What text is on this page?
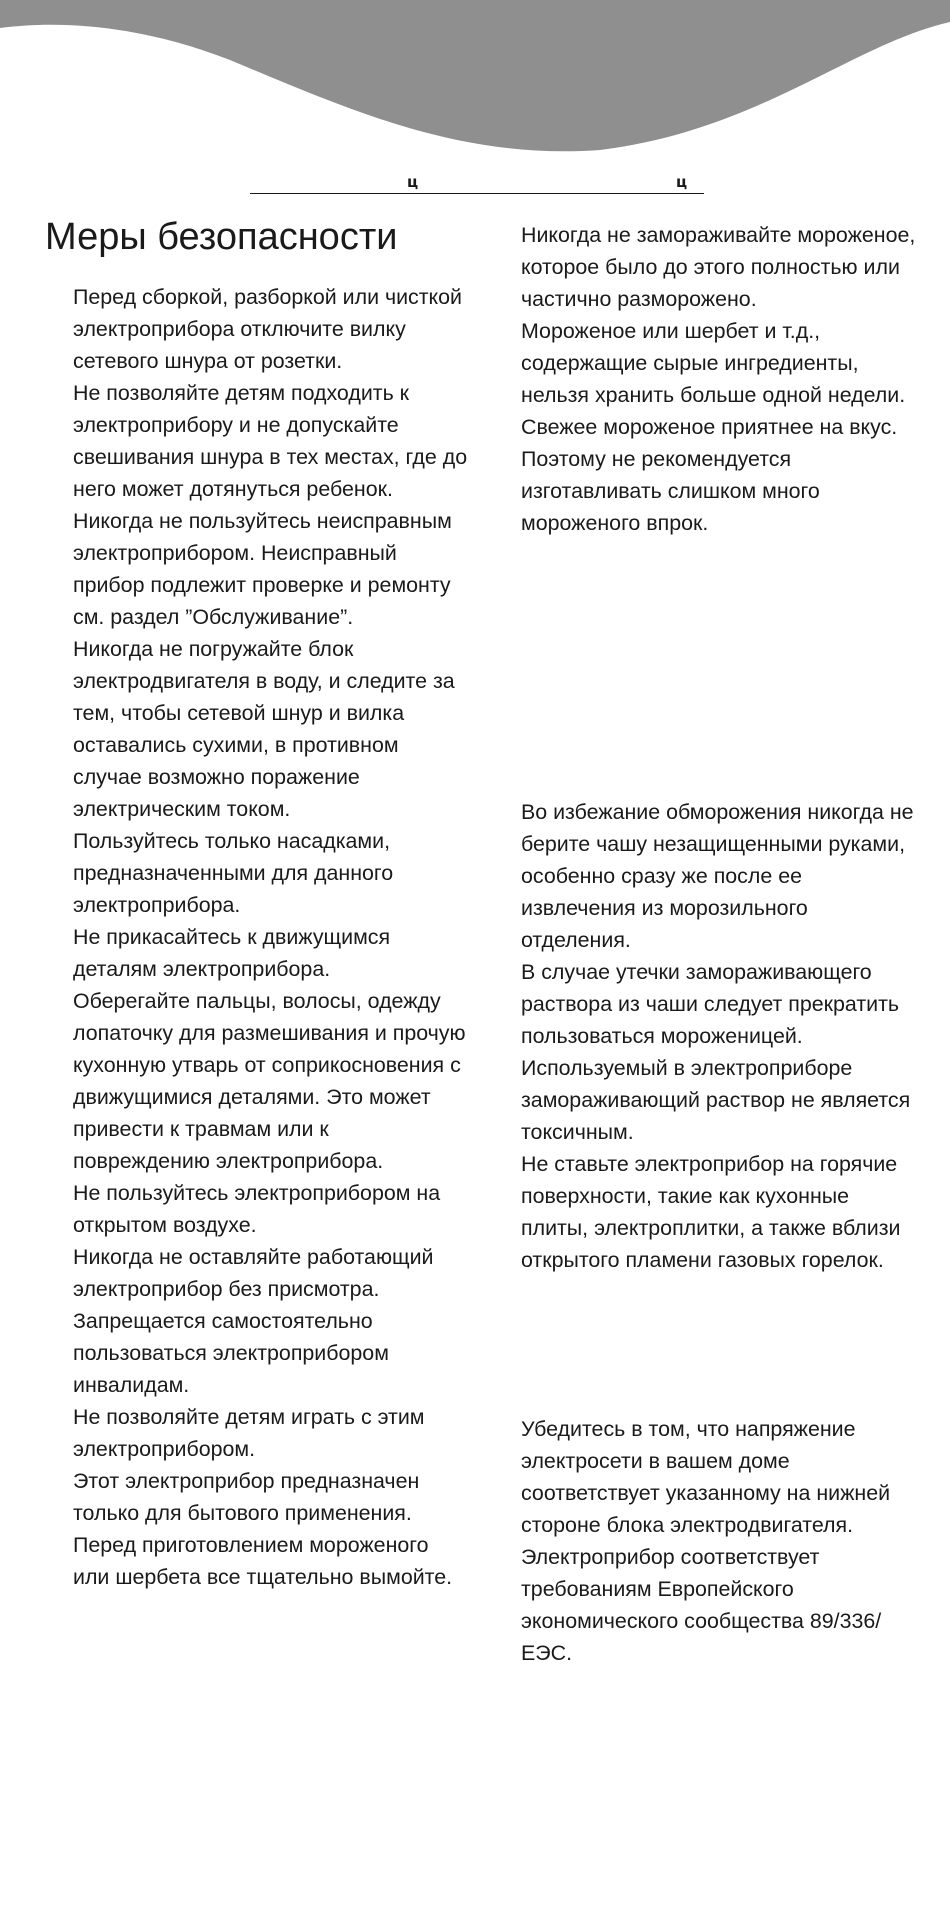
ц	ц
Меры безопасности

Перед сборкой, разборкой или чисткой электроприбора отключите вилку сетевого шнура от розетки.

Не позволяйте детям подходить к электроприбору и не допускайте свешивания шнура в тех местах, где до него может дотянуться ребенок.

Никогда не пользуйтесь неисправным электроприбором. Неисправный прибор подлежит проверке и ремонту см. раздел ”Обслуживание”.

Никогда не погружайте блок электродвигателя в воду, и следите за тем, чтобы сетевой шнур и вилка оставались сухими, в противном случае возможно поражение электрическим током.

Пользуйтесь только насадками, предназначенными для данного электроприбора.

Не прикасайтесь к движущимся деталям электроприбора.

Оберегайте пальцы, волосы, одежду лопаточку для размешивания и прочую кухонную утварь от соприкосновения с движущимися деталями. Это может привести к травмам или к повреждению электроприбора.

Не пользуйтесь электроприбором на открытом воздухе.

Никогда не оставляйте работающий электроприбор без присмотра.

Запрещается самостоятельно пользоваться электроприбором инвалидам.

Не позволяйте детям играть с этим электроприбором.

Этот электроприбор предназначен только для бытового применения.

Перед приготовлением мороженого или шербета все тщательно вымойте.

Никогда не замораживайте мороженое, которое было до этого полностью или частично разморожено.

Мороженое или шербет и т.д., содержащие сырые ингредиенты, нельзя хранить больше одной недели. Свежее мороженое приятнее на вкус. Поэтому не рекомендуется изготавливать слишком много мороженого впрок.

Во избежание обморожения никогда не берите чашу незащищенными руками, особенно сразу же после ее извлечения из морозильного отделения.

В случае утечки замораживающего раствора из чаши следует прекратить пользоваться мороженицей.

Используемый в электроприборе замораживающий раствор не является токсичным.

Не ставьте электроприбор на горячие поверхности, такие как кухонные плиты, электроплитки, а также вблизи открытого пламени газовых горелок.

Убедитесь в том, что напряжение электросети в вашем доме соответствует указанному на нижней стороне блока электродвигателя.

Электроприбор соответствует требованиям Европейского экономического сообщества 89/336/ЕЭС.
